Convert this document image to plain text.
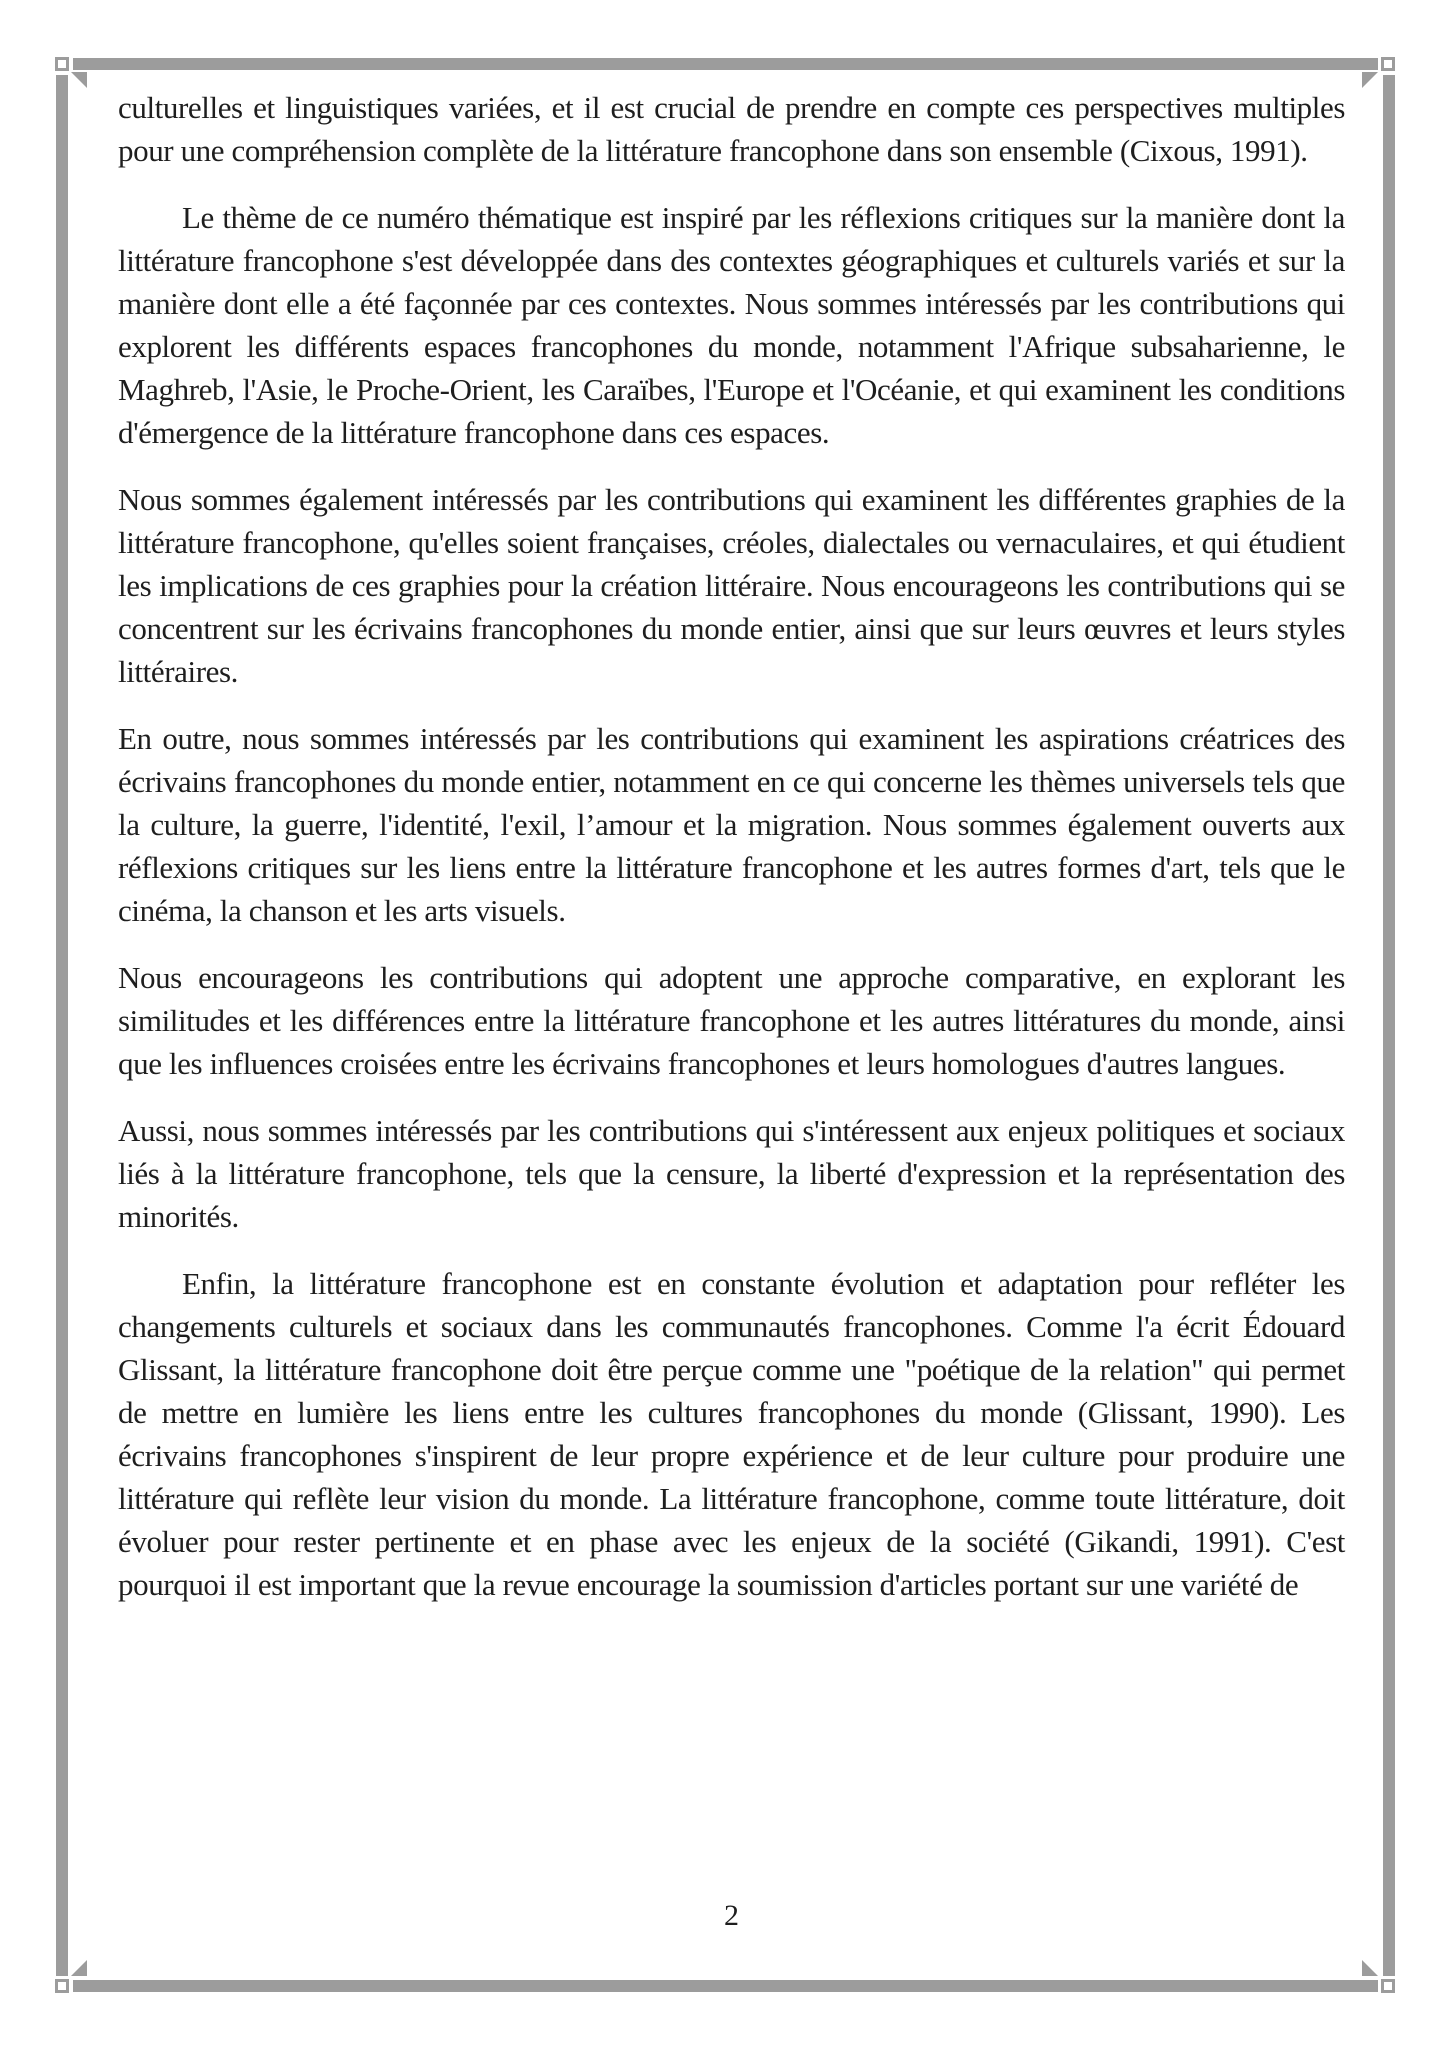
culturelles et linguistiques variées, et il est crucial de prendre en compte ces perspectives multiples pour une compréhension complète de la littérature francophone dans son ensemble (Cixous, 1991).

Le thème de ce numéro thématique est inspiré par les réflexions critiques sur la manière dont la littérature francophone s'est développée dans des contextes géographiques et culturels variés et sur la manière dont elle a été façonnée par ces contextes. Nous sommes intéressés par les contributions qui explorent les différents espaces francophones du monde, notamment l'Afrique subsaharienne, le Maghreb, l'Asie, le Proche-Orient, les Caraïbes, l'Europe et l'Océanie, et qui examinent les conditions d'émergence de la littérature francophone dans ces espaces.

Nous sommes également intéressés par les contributions qui examinent les différentes graphies de la littérature francophone, qu'elles soient françaises, créoles, dialectales ou vernaculaires, et qui étudient les implications de ces graphies pour la création littéraire. Nous encourageons les contributions qui se concentrent sur les écrivains francophones du monde entier, ainsi que sur leurs œuvres et leurs styles littéraires.

En outre, nous sommes intéressés par les contributions qui examinent les aspirations créatrices des écrivains francophones du monde entier, notamment en ce qui concerne les thèmes universels tels que la culture, la guerre, l'identité, l'exil, l’amour et la migration. Nous sommes également ouverts aux réflexions critiques sur les liens entre la littérature francophone et les autres formes d'art, tels que le cinéma, la chanson et les arts visuels.

Nous encourageons les contributions qui adoptent une approche comparative, en explorant les similitudes et les différences entre la littérature francophone et les autres littératures du monde, ainsi que les influences croisées entre les écrivains francophones et leurs homologues d'autres langues.

Aussi, nous sommes intéressés par les contributions qui s'intéressent aux enjeux politiques et sociaux liés à la littérature francophone, tels que la censure, la liberté d'expression et la représentation des minorités.

Enfin, la littérature francophone est en constante évolution et adaptation pour refléter les changements culturels et sociaux dans les communautés francophones. Comme l'a écrit Édouard Glissant, la littérature francophone doit être perçue comme une "poétique de la relation" qui permet de mettre en lumière les liens entre les cultures francophones du monde (Glissant, 1990). Les écrivains francophones s'inspirent de leur propre expérience et de leur culture pour produire une littérature qui reflète leur vision du monde. La littérature francophone, comme toute littérature, doit évoluer pour rester pertinente et en phase avec les enjeux de la société (Gikandi, 1991). C'est pourquoi il est important que la revue encourage la soumission d'articles portant sur une variété de

2
